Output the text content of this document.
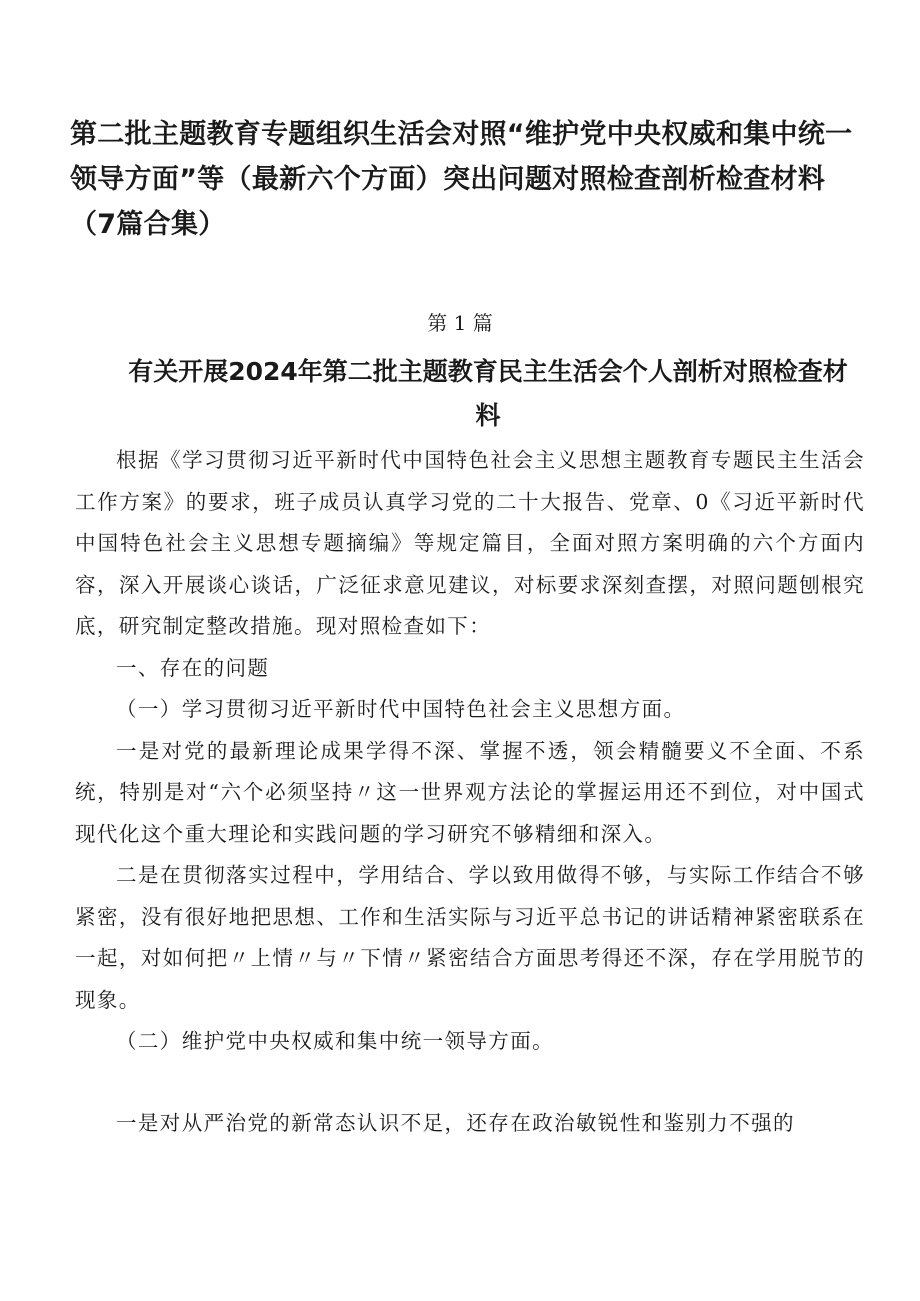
第二批主题教育专题组织生活会对照“维护党中央权威和集中统一领导方面”等（最新六个方面）突出问题对照检查剖析检查材料（7篇合集）
第 1 篇
有关开展2024年第二批主题教育民主生活会个人剖析对照检查材料

根据《学习贯彻习近平新时代中国特色社会主义思想主题教育专题民主生活会工作方案》的要求，班子成员认真学习党的二十大报告、党章、0《习近平新时代中国特色社会主义思想专题摘编》等规定篇目，全面对照方案明确的六个方面内容，深入开展谈心谈话，广泛征求意见建议，对标要求深刻查摆，对照问题刨根究底，研究制定整改措施。现对照检查如下：

一、存在的问题

（一）学习贯彻习近平新时代中国特色社会主义思想方面。

一是对党的最新理论成果学得不深、掌握不透，领会精髓要义不全面、不系统，特别是对“六个必须坚持〃这一世界观方法论的掌握运用还不到位，对中国式现代化这个重大理论和实践问题的学习研究不够精细和深入。

二是在贯彻落实过程中，学用结合、学以致用做得不够，与实际工作结合不够紧密，没有很好地把思想、工作和生活实际与习近平总书记的讲话精神紧密联系在一起，对如何把〃上情〃与〃下情〃紧密结合方面思考得还不深，存在学用脱节的现象。

（二）维护党中央权威和集中统一领导方面。

一是对从严治党的新常态认识不足，还存在政治敏锐性和鉴别力不强的
